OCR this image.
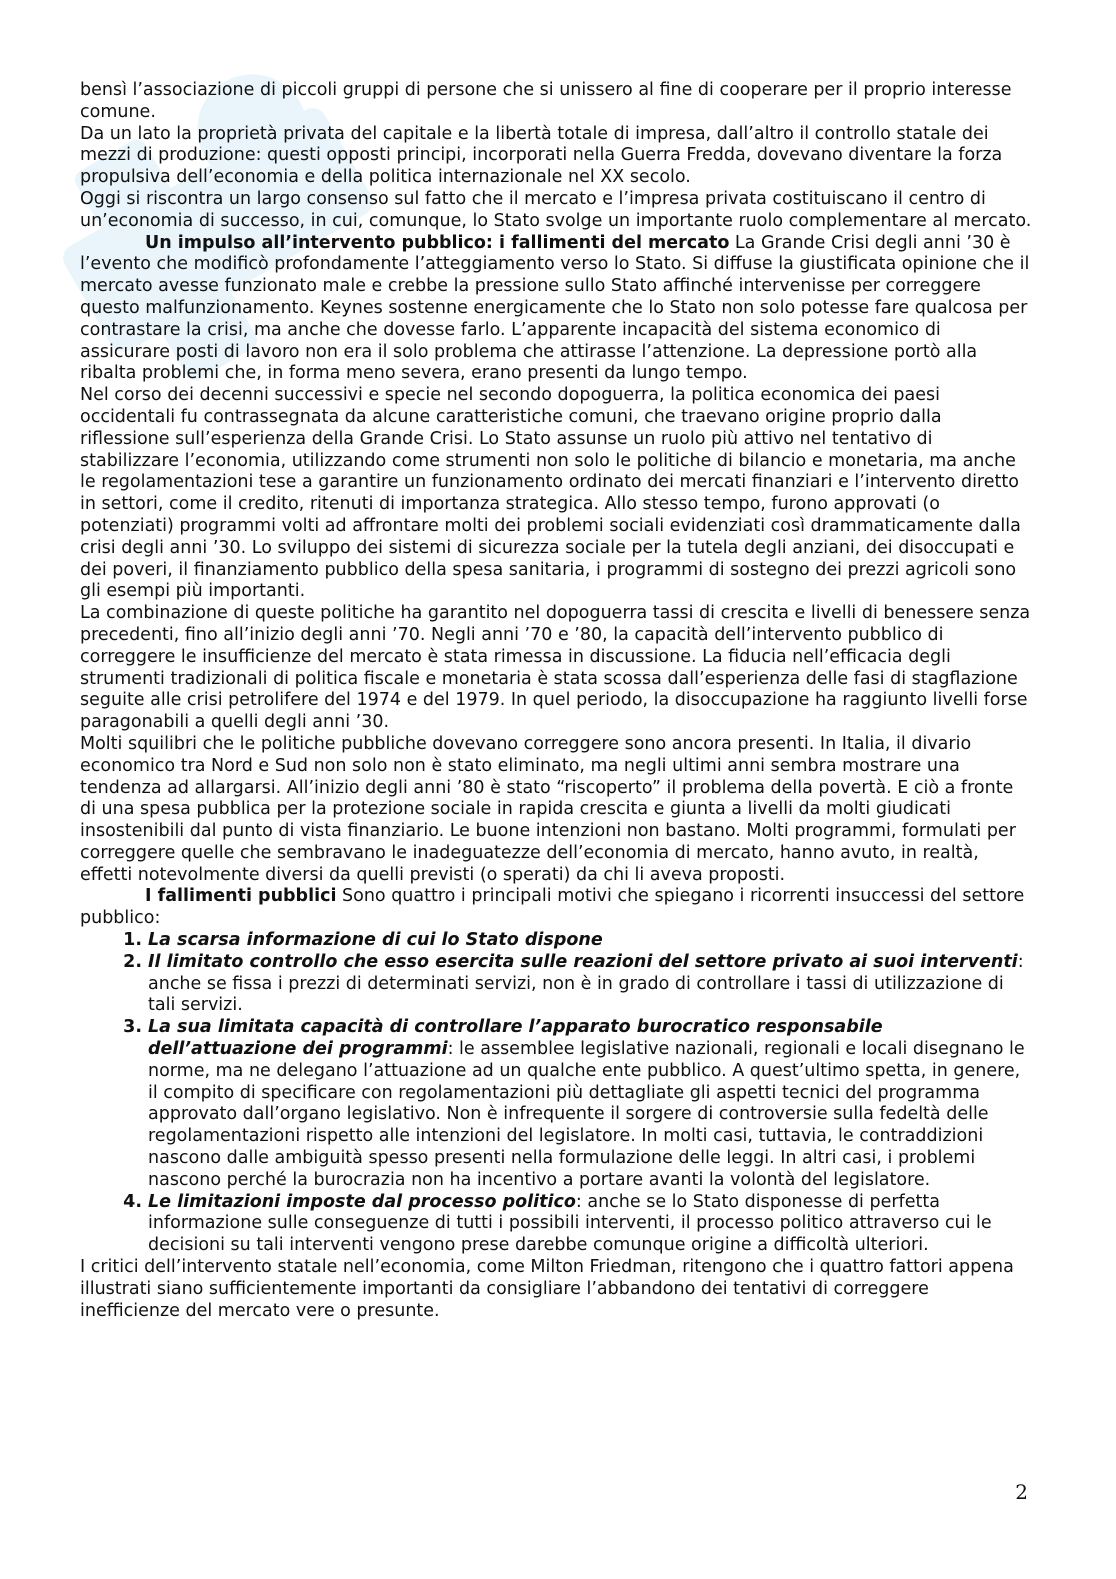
bensì l’associazione di piccoli gruppi di persone che si unissero al fine di cooperare per il proprio interesse comune.

Da un lato la proprietà privata del capitale e la libertà totale di impresa, dall’altro il controllo statale dei mezzi di produzione: questi opposti principi, incorporati nella Guerra Fredda, dovevano diventare la forza propulsiva dell’economia e della politica internazionale nel XX secolo.

Oggi si riscontra un largo consenso sul fatto che il mercato e l’impresa privata costituiscano il centro di un’economia di successo, in cui, comunque, lo Stato svolge un importante ruolo complementare al mercato.

Un impulso all’intervento pubblico: i fallimenti del mercato La Grande Crisi degli anni ’30 è l’evento che modificò profondamente l’atteggiamento verso lo Stato. Si diffuse la giustificata opinione che il mercato avesse funzionato male e crebbe la pressione sullo Stato affinché intervenisse per correggere questo malfunzionamento. Keynes sostenne energicamente che lo Stato non solo potesse fare qualcosa per contrastare la crisi, ma anche che dovesse farlo. L’apparente incapacità del sistema economico di assicurare posti di lavoro non era il solo problema che attirasse l’attenzione. La depressione portò alla ribalta problemi che, in forma meno severa, erano presenti da lungo tempo.

Nel corso dei decenni successivi e specie nel secondo dopoguerra, la politica economica dei paesi occidentali fu contrassegnata da alcune caratteristiche comuni, che traevano origine proprio dalla riflessione sull’esperienza della Grande Crisi. Lo Stato assunse un ruolo più attivo nel tentativo di stabilizzare l’economia, utilizzando come strumenti non solo le politiche di bilancio e monetaria, ma anche le regolamentazioni tese a garantire un funzionamento ordinato dei mercati finanziari e l’intervento diretto in settori, come il credito, ritenuti di importanza strategica. Allo stesso tempo, furono approvati (o potenziati) programmi volti ad affrontare molti dei problemi sociali evidenziati così drammaticamente dalla crisi degli anni ’30. Lo sviluppo dei sistemi di sicurezza sociale per la tutela degli anziani, dei disoccupati e dei poveri, il finanziamento pubblico della spesa sanitaria, i programmi di sostegno dei prezzi agricoli sono gli esempi più importanti.

La combinazione di queste politiche ha garantito nel dopoguerra tassi di crescita e livelli di benessere senza precedenti, fino all’inizio degli anni ’70. Negli anni ’70 e ’80, la capacità dell’intervento pubblico di correggere le insufficienze del mercato è stata rimessa in discussione. La fiducia nell’efficacia degli strumenti tradizionali di politica fiscale e monetaria è stata scossa dall’esperienza delle fasi di stagflazione seguite alle crisi petrolifere del 1974 e del 1979. In quel periodo, la disoccupazione ha raggiunto livelli forse paragonabili a quelli degli anni ’30.

Molti squilibri che le politiche pubbliche dovevano correggere sono ancora presenti. In Italia, il divario economico tra Nord e Sud non solo non è stato eliminato, ma negli ultimi anni sembra mostrare una tendenza ad allargarsi. All’inizio degli anni ’80 è stato “riscoperto” il problema della povertà. E ciò a fronte di una spesa pubblica per la protezione sociale in rapida crescita e giunta a livelli da molti giudicati insostenibili dal punto di vista finanziario. Le buone intenzioni non bastano. Molti programmi, formulati per correggere quelle che sembravano le inadeguatezze dell’economia di mercato, hanno avuto, in realtà, effetti notevolmente diversi da quelli previsti (o sperati) da chi li aveva proposti.

I fallimenti pubblici Sono quattro i principali motivi che spiegano i ricorrenti insuccessi del settore pubblico:

1. La scarsa informazione di cui lo Stato dispone
2. Il limitato controllo che esso esercita sulle reazioni del settore privato ai suoi interventi: anche se fissa i prezzi di determinati servizi, non è in grado di controllare i tassi di utilizzazione di tali servizi.
3. La sua limitata capacità di controllare l’apparato burocratico responsabile dell’attuazione dei programmi: le assemblee legislative nazionali, regionali e locali disegnano le norme, ma ne delegano l’attuazione ad un qualche ente pubblico. A quest’ultimo spetta, in genere, il compito di specificare con regolamentazioni più dettagliate gli aspetti tecnici del programma approvato dall’organo legislativo. Non è infrequente il sorgere di controversie sulla fedeltà delle regolamentazioni rispetto alle intenzioni del legislatore. In molti casi, tuttavia, le contraddizioni nascono dalle ambiguità spesso presenti nella formulazione delle leggi. In altri casi, i problemi nascono perché la burocrazia non ha incentivo a portare avanti la volontà del legislatore.
4. Le limitazioni imposte dal processo politico: anche se lo Stato disponesse di perfetta informazione sulle conseguenze di tutti i possibili interventi, il processo politico attraverso cui le decisioni su tali interventi vengono prese darebbe comunque origine a difficoltà ulteriori.

I critici dell’intervento statale nell’economia, come Milton Friedman, ritengono che i quattro fattori appena illustrati siano sufficientemente importanti da consigliare l’abbandono dei tentativi di correggere inefficienze del mercato vere o presunte.

2
